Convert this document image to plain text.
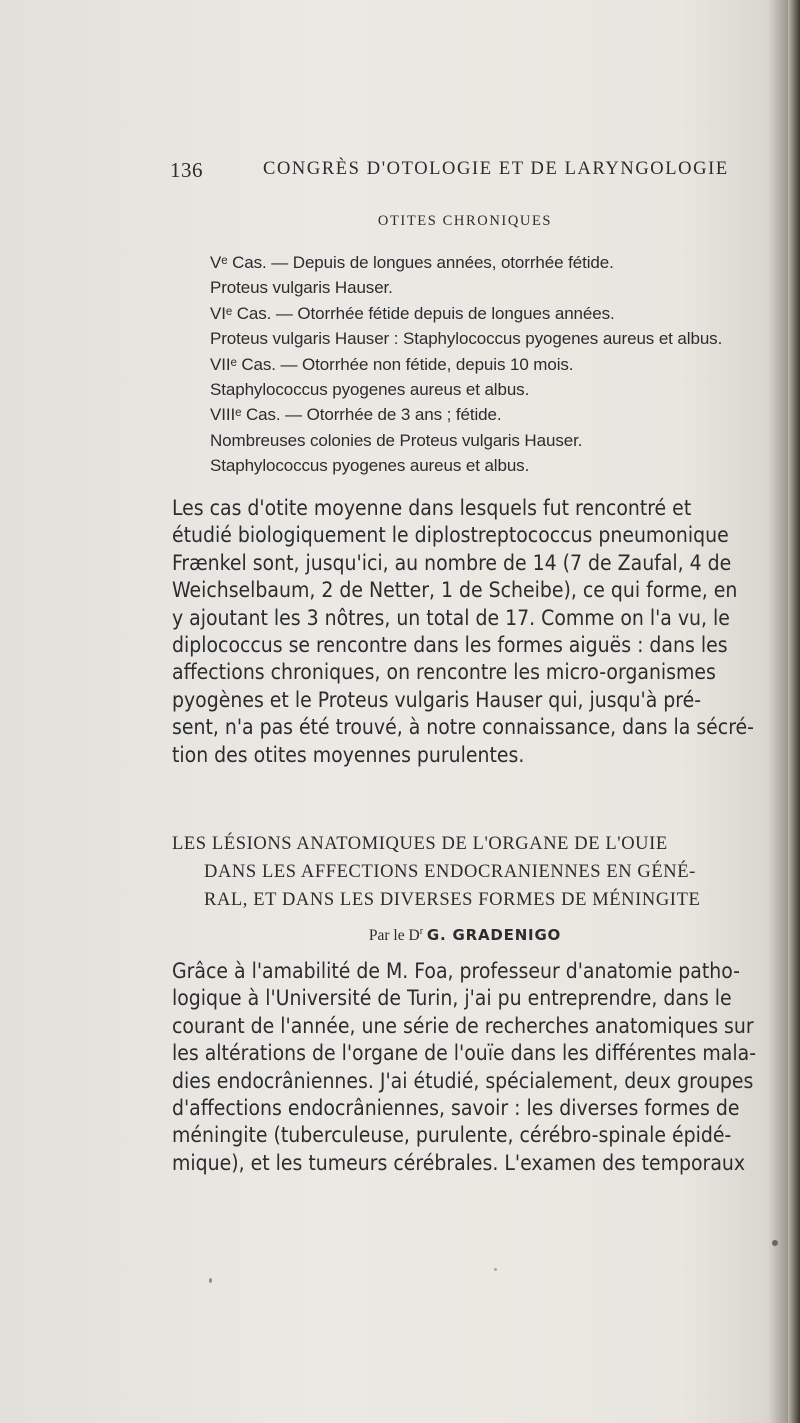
136	CONGRÈS D'OTOLOGIE ET DE LARYNGOLOGIE
OTITES CHRONIQUES
Vᵉ Cas. — Depuis de longues années, otorrhée fétide.
Proteus vulgaris Hauser.
VIᵉ Cas. — Otorrhée fétide depuis de longues années.
Proteus vulgaris Hauser : Staphylococcus pyogenes aureus et albus.
VIIᵉ Cas. — Otorrhée non fétide, depuis 10 mois.
Staphylococcus pyogenes aureus et albus.
VIIIᵉ Cas. — Otorrhée de 3 ans ; fétide.
Nombreuses colonies de Proteus vulgaris Hauser.
Staphylococcus pyogenes aureus et albus.
Les cas d'otite moyenne dans lesquels fut rencontré et
étudié biologiquement le diplostreptococcus pneumonique
Frænkel sont, jusqu'ici, au nombre de 14 (7 de Zaufal, 4 de
Weichselbaum, 2 de Netter, 1 de Scheibe), ce qui forme, en
y ajoutant les 3 nôtres, un total de 17. Comme on l'a vu, le
diplococcus se rencontre dans les formes aiguës : dans les
affections chroniques, on rencontre les micro-organismes
pyogènes et le Proteus vulgaris Hauser qui, jusqu'à pré-
sent, n'a pas été trouvé, à notre connaissance, dans la sécré-
tion des otites moyennes purulentes.
LES LÉSIONS ANATOMIQUES DE L'ORGANE DE L'OUIE
DANS LES AFFECTIONS ENDOCRANIENNES EN GÉNÉ-
RAL, ET DANS LES DIVERSES FORMES DE MÉNINGITE
Par le $D^r$ G. GRADENIGO
Grâce à l'amabilité de M. Foa, professeur d'anatomie patho-
logique à l'Université de Turin, j'ai pu entreprendre, dans le
courant de l'année, une série de recherches anatomiques sur
les altérations de l'organe de l'ouïe dans les différentes mala-
dies endocrâniennes. J'ai étudié, spécialement, deux groupes
d'affections endocrâniennes, savoir : les diverses formes de
méningite (tuberculeuse, purulente, cérébro-spinale épidé-
mique), et les tumeurs cérébrales. L'examen des temporaux
